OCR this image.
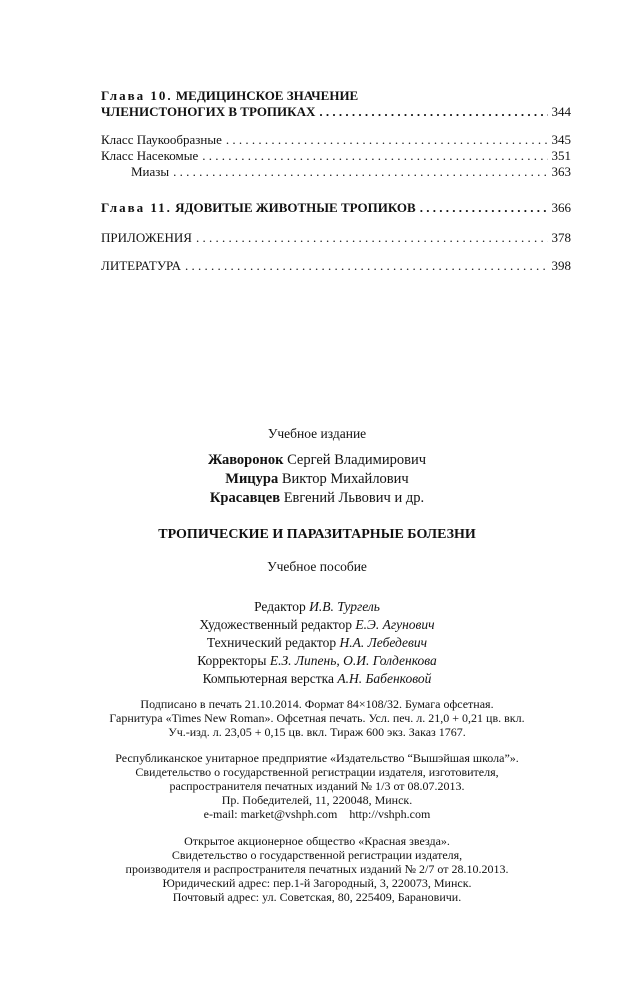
Глава 10. МЕДИЦИНСКОЕ ЗНАЧЕНИЕ
ЧЛЕНИСТОНОГИХ В ТРОПИКАХ . . .	344
Класс Паукообразные . . .	345
Класс Насекомые . . .	351
Миазы . . .	363
Глава 11. ЯДОВИТЫЕ ЖИВОТНЫЕ ТРОПИКОВ . . .	366
ПРИЛОЖЕНИЯ . . .	378
ЛИТЕРАТУРА . . .	398
Учебное издание
Жаворонок Сергей Владимирович
Мицура Виктор Михайлович
Красавцев Евгений Львович и др.
ТРОПИЧЕСКИЕ И ПАРАЗИТАРНЫЕ БОЛЕЗНИ
Учебное пособие
Редактор И.В. Тургель
Художественный редактор Е.Э. Агунович
Технический редактор Н.А. Лебедевич
Корректоры Е.З. Липень, О.И. Голденкова
Компьютерная верстка А.Н. Бабенковой
Подписано в печать 21.10.2014. Формат 84×108/32. Бумага офсетная.
Гарнитура «Times New Roman». Офсетная печать. Усл. печ. л. 21,0 + 0,21 цв. вкл.
Уч.-изд. л. 23,05 + 0,15 цв. вкл. Тираж 600 экз. Заказ 1767.
Республиканское унитарное предприятие «Издательство “Вышэйшая школа”».
Свидетельство о государственной регистрации издателя, изготовителя,
распространителя печатных изданий № 1/3 от 08.07.2013.
Пр. Победителей, 11, 220048, Минск.
e-mail: market@vshph.com    http://vshph.com
Открытое акционерное общество «Красная звезда».
Свидетельство о государственной регистрации издателя,
производителя и распространителя печатных изданий № 2/7 от 28.10.2013.
Юридический адрес: пер.1-й Загородный, 3, 220073, Минск.
Почтовый адрес: ул. Советская, 80, 225409, Барановичи.
